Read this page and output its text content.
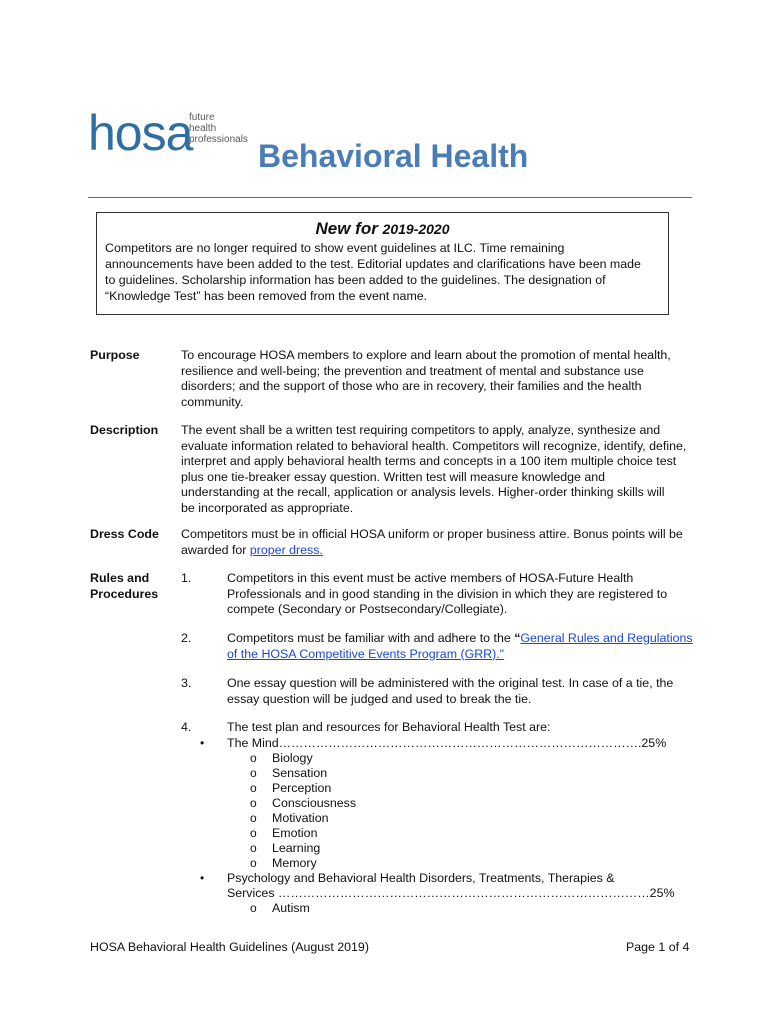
hosa
future
health
professionals Behavioral Health
New for 2019-2020
Competitors are no longer required to show event guidelines at ILC. Time remaining
announcements have been added to the test. Editorial updates and clarifications have been made
to guidelines. Scholarship information has been added to the guidelines. The designation of
“Knowledge Test” has been removed from the event name.
Purpose	To encourage HOSA members to explore and learn about the promotion of mental health,
resilience and well-being; the prevention and treatment of mental and substance use
disorders; and the support of those who are in recovery, their families and the health
community.
Description The event shall be a written test requiring competitors to apply, analyze, synthesize and
evaluate information related to behavioral health. Competitors will recognize, identify, define,
interpret and apply behavioral health terms and concepts in a 100 item multiple choice test
plus one tie-breaker essay question. Written test will measure knowledge and
understanding at the recall, application or analysis levels. Higher-order thinking skills will
be incorporated as appropriate.
Dress Code Competitors must be in official HOSA uniform or proper business attire. Bonus points will be
awarded for proper dress.
Rules and
Procedures
1.	Competitors in this event must be active members of HOSA-Future Health
Professionals and in good standing in the division in which they are registered to
compete (Secondary or Postsecondary/Collegiate).
2.	Competitors must be familiar with and adhere to the “General Rules and Regulations
of the HOSA Competitive Events Program (GRR)."
3.	One essay question will be administered with the original test. In case of a tie, the
essay question will be judged and used to break the tie.
4.	The test plan and resources for Behavioral Health Test are:
• The Mind…………………………………………………………………………….25%
o Biology
o Sensation
o Perception
o Consciousness
o Motivation
o Emotion
o Learning
o Memory
• Psychology and Behavioral Health Disorders, Treatments, Therapies &
Services ………………………………………………………………………………25%
o Autism
HOSA Behavioral Health Guidelines (August 2019)	Page 1 of 4
